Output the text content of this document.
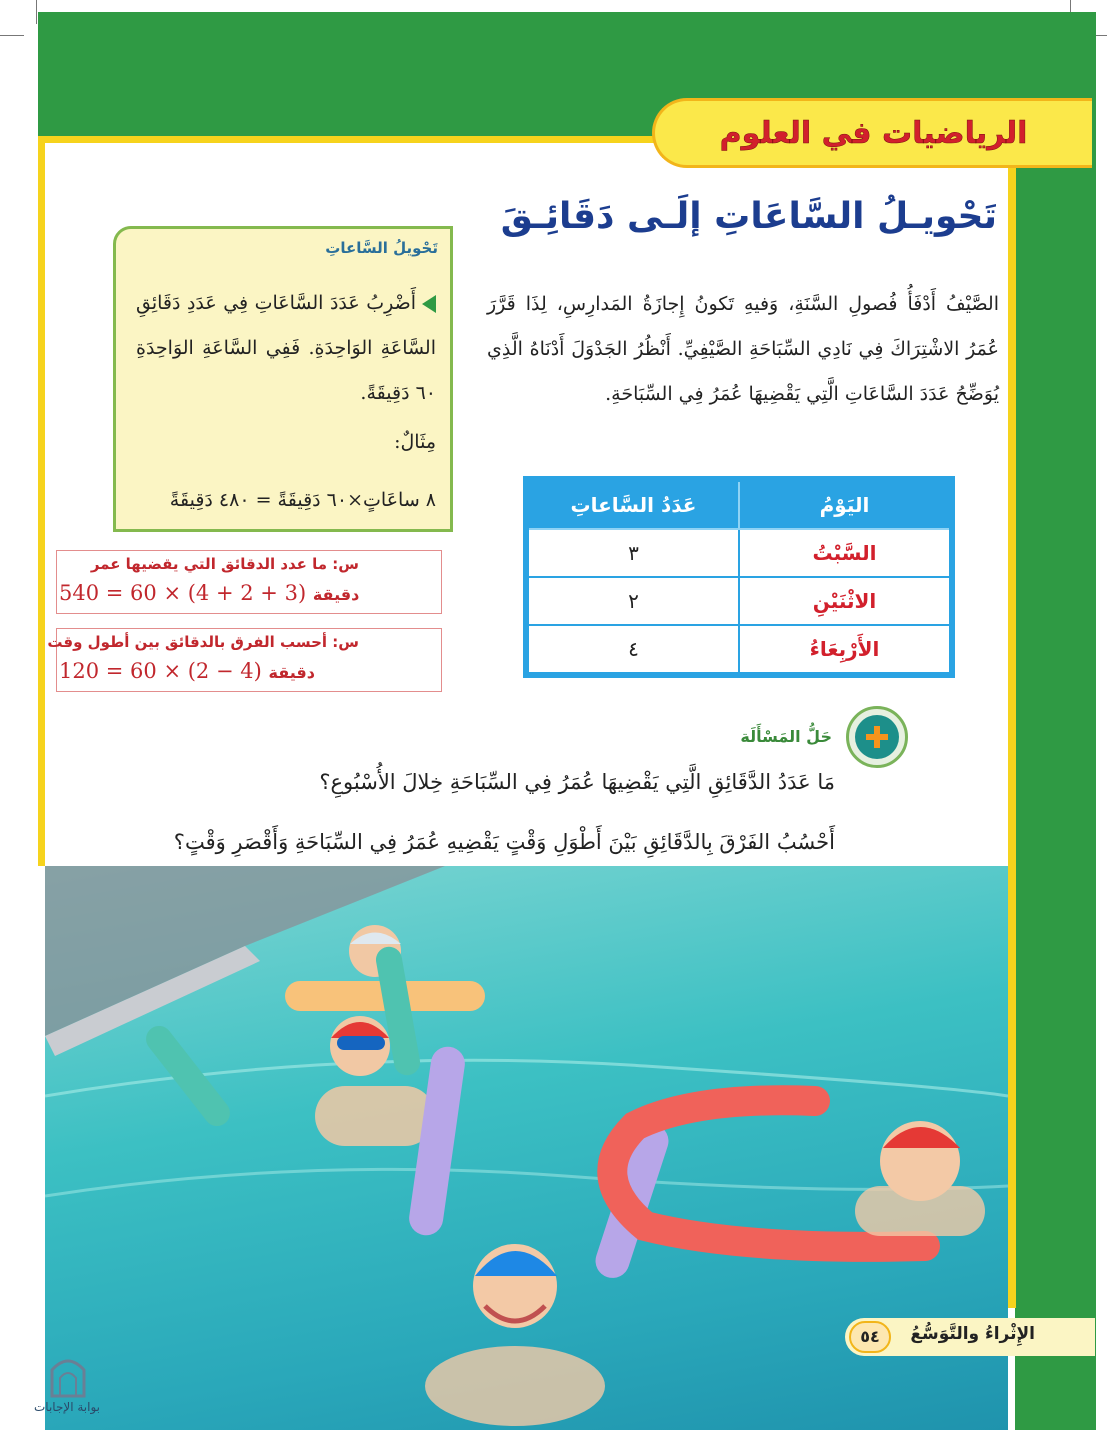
الرياضيات في العلوم
تَحْويـلُ السَّاعَاتِ إلَـى دَقَائِـقَ
الصَّيْفُ أَدْفَأُ فُصولِ السَّنَةِ، وَفيهِ تَكونُ إِجازَةُ المَدارِسِ، لِذَا قَرَّرَ عُمَرُ الاشْتِرَاكَ فِي نَادِي السِّبَاحَةِ الصَّيْفِيِّ. أَنْظُرُ الجَدْوَلَ أَدْنَاهُ الَّذِي يُوَضِّحُ عَدَدَ السَّاعَاتِ الَّتِي يَقْضِيهَا عُمَرُ فِي السِّبَاحَةِ.
اليَوْمُ	عَدَدُ السَّاعاتِ
السَّبْتُ	٣
الاثْنَيْنِ	٢
الأَرْبِعَاءُ	٤
حَلُّ المَسْأَلَة
مَا عَدَدُ الدَّقَائِقِ الَّتِي يَقْضِيهَا عُمَرُ فِي السِّبَاحَةِ خِلالَ الأُسْبُوعِ؟
أَحْسُبُ الفَرْقَ بِالدَّقَائِقِ بَيْنَ أَطْوَلِ وَقْتٍ يَقْضِيهِ عُمَرُ فِي السِّبَاحَةِ وَأَقْصَرِ وَقْتٍ؟
تَحْويلُ السَّاعاتِ
أَضْرِبُ عَدَدَ السَّاعَاتِ فِي عَدَدِ دَقَائِقِ السَّاعَةِ الوَاحِدَةِ. فَفِي السَّاعَةِ الوَاحِدَةِ ٦٠ دَقِيقَةً.
مِثَالٌ:
٨ ساعَاتٍ×٦٠ دَقِيقَةً = ٤٨٠ دَقِيقَةً
س: ما عدد الدقائق التي يقضيها عمر
دقيقة (3 + 2 + 4) × 60 = 540
س: أحسب الفرق بالدقائق بين أطول وقت
دقيقة (4 − 2) × 60 = 120
الإِثْراءُ والتَّوَسُّعُ
٥٤
بوابة الإجابات
